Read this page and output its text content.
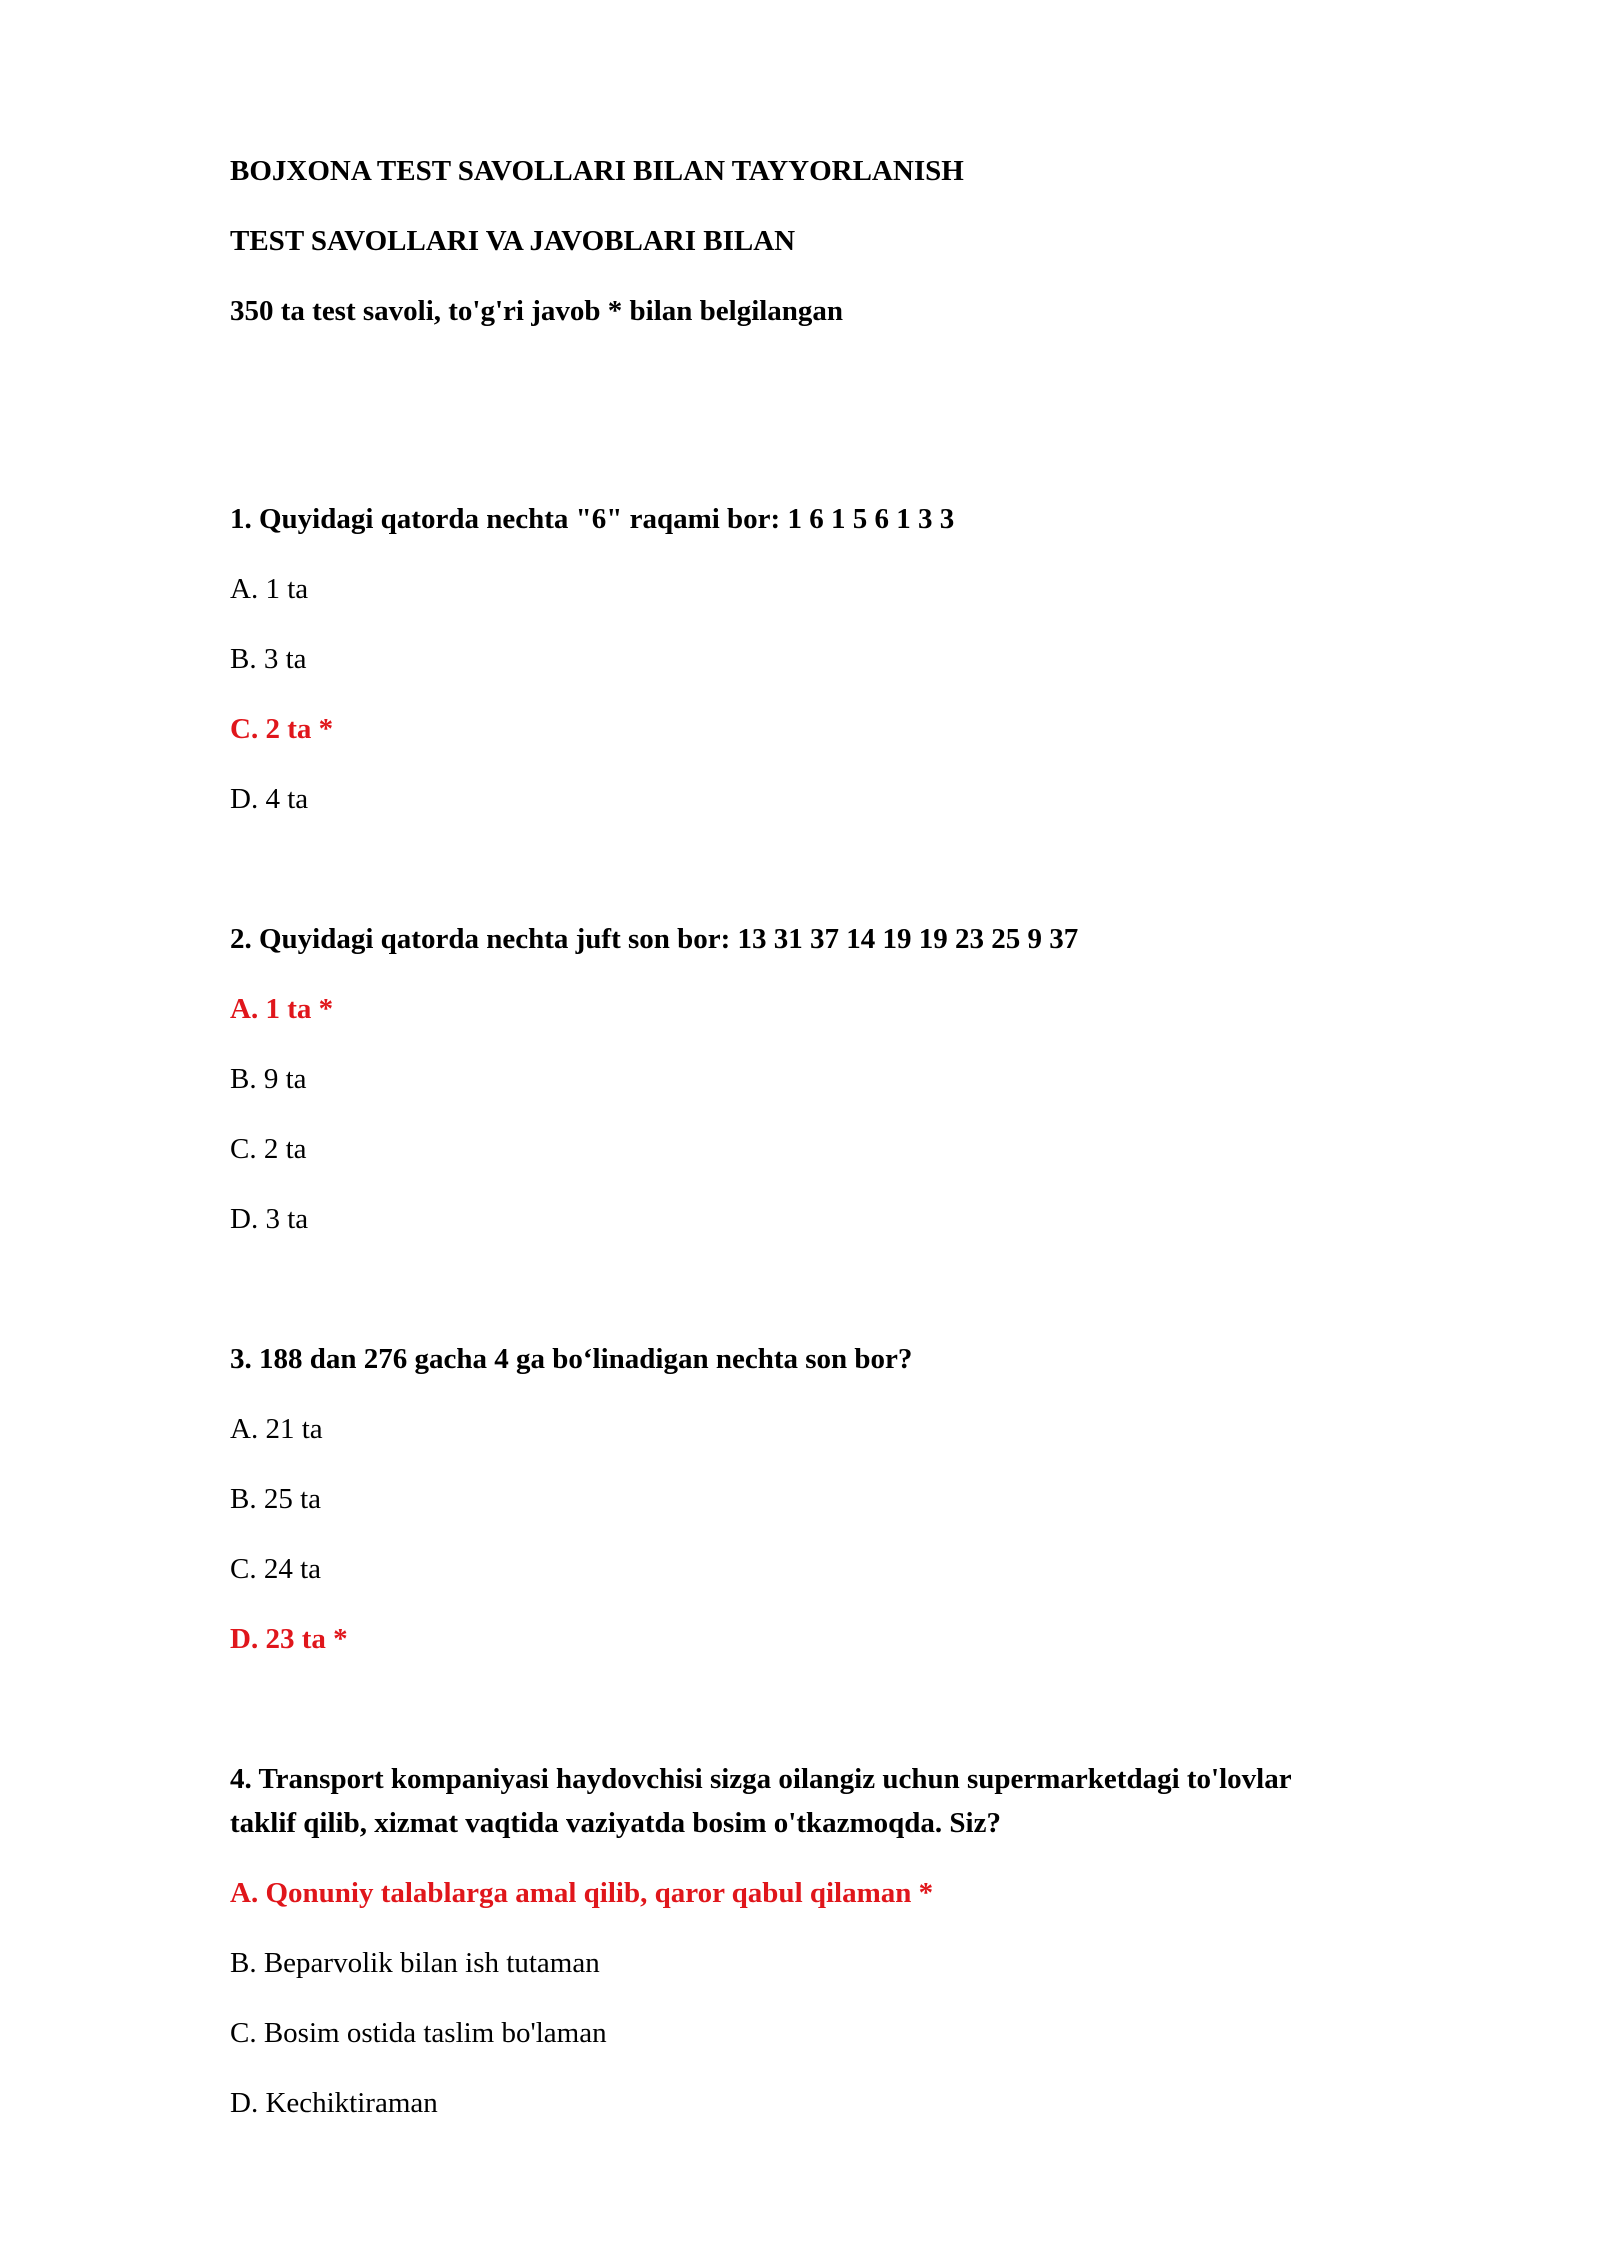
BOJXONA TEST SAVOLLARI BILAN TAYYORLANISH

TEST SAVOLLARI VA JAVOBLARI BILAN

350 ta test savoli, to'g'ri javob * bilan belgilangan

1. Quyidagi qatorda nechta "6" raqami bor: 1 6 1 5 6 1 3 3

A. 1 ta

B. 3 ta

C. 2 ta *

D. 4 ta

2. Quyidagi qatorda nechta juft son bor: 13 31 37 14 19 19 23 25 9 37

A. 1 ta *

B. 9 ta

C. 2 ta

D. 3 ta

3. 188 dan 276 gacha 4 ga bo‘linadigan nechta son bor?

A. 21 ta

B. 25 ta

C. 24 ta

D. 23 ta *

4. Transport kompaniyasi haydovchisi sizga oilangiz uchun supermarketdagi to'lovlar

taklif qilib, xizmat vaqtida vaziyatda bosim o'tkazmoqda. Siz?

A. Qonuniy talablarga amal qilib, qaror qabul qilaman *

B. Beparvolik bilan ish tutaman

C. Bosim ostida taslim bo'laman

D. Kechiktiraman
